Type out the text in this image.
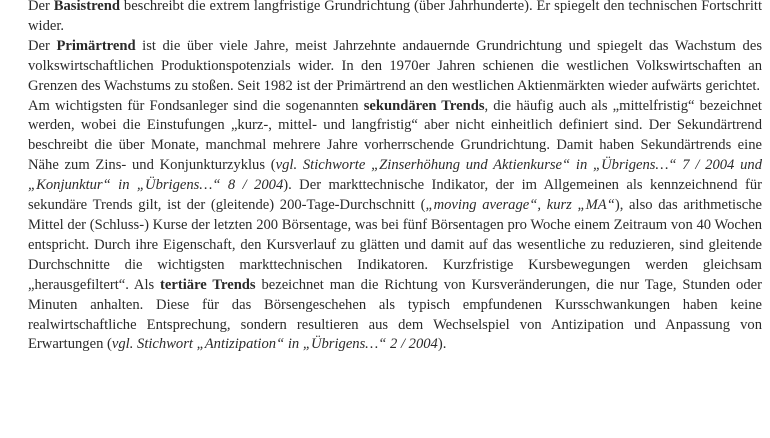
Der Basistrend beschreibt die extrem langfristige Grundrichtung (über Jahrhunderte). Er spiegelt den technischen Fortschritt wider.

Der Primärtrend ist die über viele Jahre, meist Jahrzehnte andauernde Grundrichtung und spiegelt das Wachstum des volkswirtschaftlichen Produktionspotenzials wider. In den 1970er Jahren schienen die westlichen Volkswirtschaften an Grenzen des Wachstums zu stoßen. Seit 1982 ist der Primärtrend an den westlichen Aktienmärkten wieder aufwärts gerichtet.

Am wichtigsten für Fondsanleger sind die sogenannten sekundären Trends, die häufig auch als „mittelfristig“ bezeichnet werden, wobei die Einstufungen „kurz-, mittel- und langfristig“ aber nicht einheitlich definiert sind. Der Sekundärtrend beschreibt die über Monate, manchmal mehrere Jahre vorherrschende Grundrichtung. Damit haben Sekundärtrends eine Nähe zum Zins- und Konjunkturzyklus (vgl. Stichworte „Zinserhöhung und Aktienkurse“ in „Übrigens…“ 7 / 2004 und „Konjunktur“ in „Übrigens…“ 8 / 2004). Der markttechnische Indikator, der im Allgemeinen als kennzeichnend für sekundäre Trends gilt, ist der (gleitende) 200-Tage-Durchschnitt („moving average“, kurz „MA“), also das arithmetische Mittel der (Schluss-) Kurse der letzten 200 Börsentage, was bei fünf Börsentagen pro Woche einem Zeitraum von 40 Wochen entspricht. Durch ihre Eigenschaft, den Kursverlauf zu glätten und damit auf das wesentliche zu reduzieren, sind gleitende Durchschnitte die wichtigsten markttechnischen Indikatoren. Kurzfristige Kursbewegungen werden gleichsam „herausgefiltert“. Als tertiäre Trends bezeichnet man die Richtung von Kursveränderungen, die nur Tage, Stunden oder Minuten anhalten. Diese für das Börsengeschehen als typisch empfundenen Kursschwankungen haben keine realwirtschaftliche Entsprechung, sondern resultieren aus dem Wechselspiel von Antizipation und Anpassung von Erwartungen (vgl. Stichwort „Antizipation“ in „Übrigens…“ 2 / 2004).
